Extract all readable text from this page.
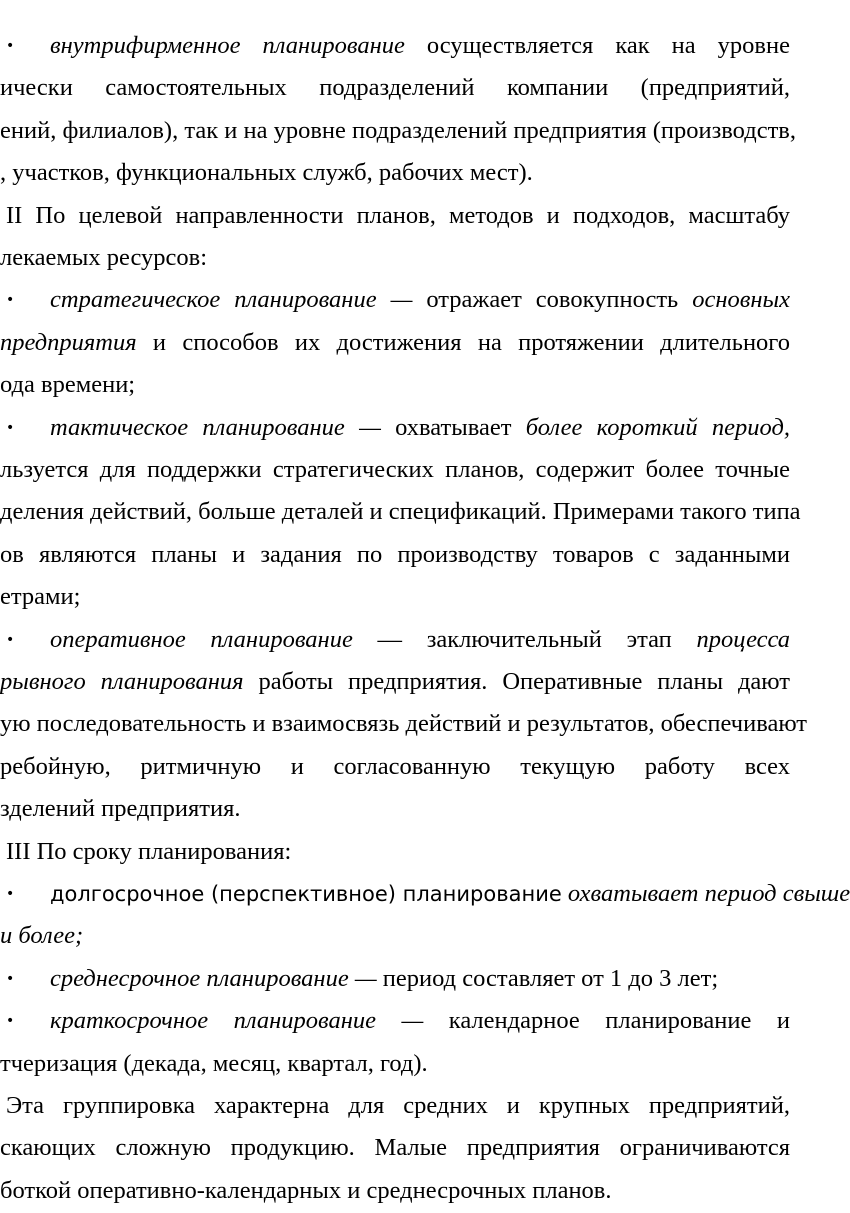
• внутрифирменное планирование осуществляется как на уровне
ически самостоятельных подразделений компании (предприятий,
ений, филиалов), так и на уровне подразделений предприятия (производств,
, участков, функциональных служб, рабочих мест).
II По целевой направленности планов, методов и подходов, масштабу
лекаемых ресурсов:
• стратегическое планирование — отражает совокупность основных
предприятия и способов их достижения на протяжении длительного
ода времени;
• тактическое планирование — охватывает более короткий период,
льзуется для поддержки стратегических планов, содержит более точные
деления действий, больше деталей и спецификаций. Примерами такого типа
ов являются планы и задания по производству товаров с заданными
етрами;
• оперативное планирование — заключительный этап процесса
рывного планирования работы предприятия. Оперативные планы дают
ую последовательность и взаимосвязь действий и результатов, обеспечивают
ребойную, ритмичную и согласованную текущую работу всех
зделений предприятия.
III По сроку планирования:
• долгосрочное (перспективное) планирование охватывает период свыше
и более;
• среднесрочное планирование — период составляет от 1 до 3 лет;
• краткосрочное планирование — календарное планирование и
тчеризация (декада, месяц, квартал, год).
Эта группировка характерна для средних и крупных предприятий,
скающих сложную продукцию. Малые предприятия ограничиваются
боткой оперативно-календарных и среднесрочных планов.
